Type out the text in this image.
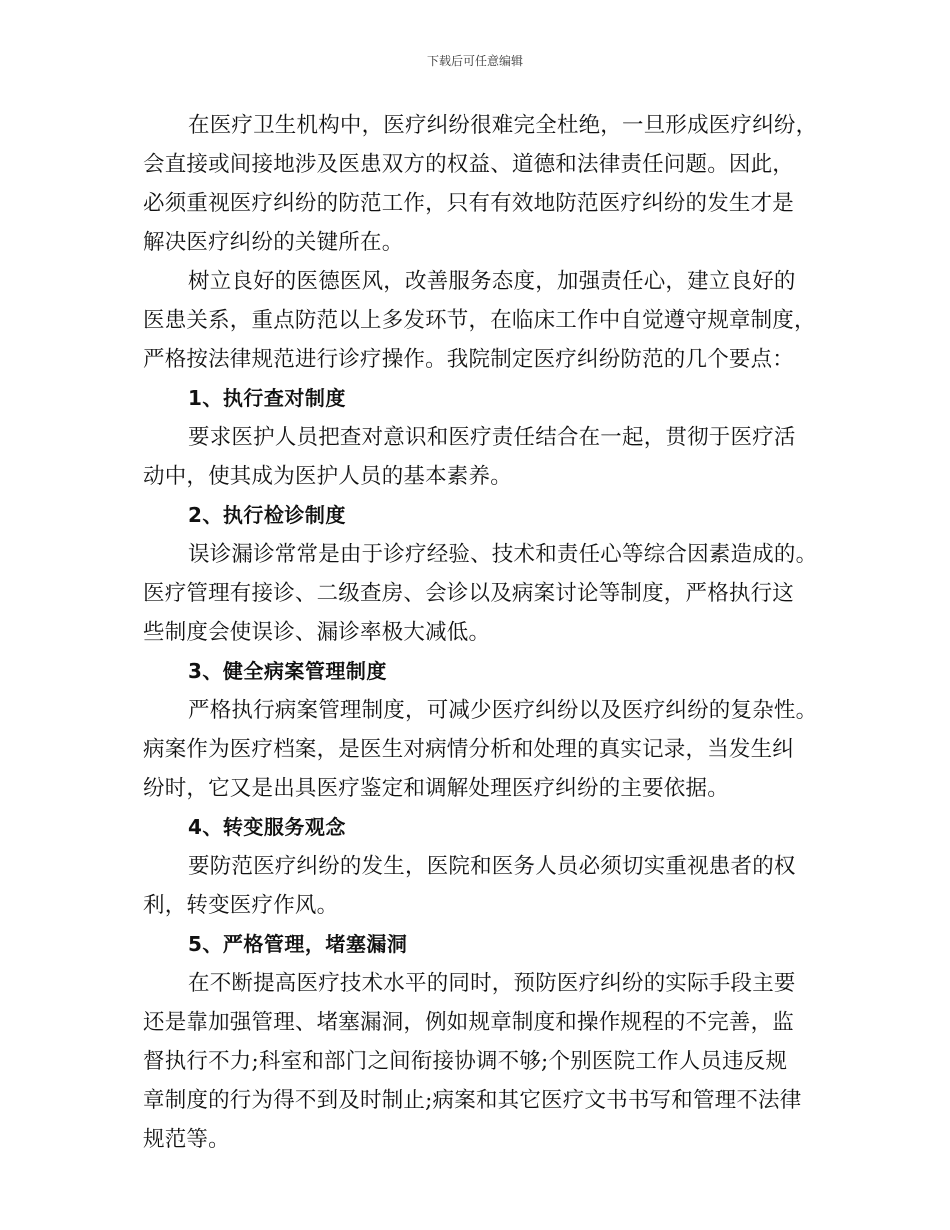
下载后可任意编辑
在医疗卫生机构中，医疗纠纷很难完全杜绝，一旦形成医疗纠纷，
会直接或间接地涉及医患双方的权益、道德和法律责任问题。因此，
必须重视医疗纠纷的防范工作，只有有效地防范医疗纠纷的发生才是
解决医疗纠纷的关键所在。
树立良好的医德医风，改善服务态度，加强责任心，建立良好的
医患关系，重点防范以上多发环节，在临床工作中自觉遵守规章制度，
严格按法律规范进行诊疗操作。我院制定医疗纠纷防范的几个要点：
1、执行查对制度
要求医护人员把查对意识和医疗责任结合在一起，贯彻于医疗活
动中，使其成为医护人员的基本素养。
2、执行检诊制度
误诊漏诊常常是由于诊疗经验、技术和责任心等综合因素造成的。
医疗管理有接诊、二级查房、会诊以及病案讨论等制度，严格执行这
些制度会使误诊、漏诊率极大减低。
3、健全病案管理制度
严格执行病案管理制度，可减少医疗纠纷以及医疗纠纷的复杂性。
病案作为医疗档案，是医生对病情分析和处理的真实记录，当发生纠
纷时，它又是出具医疗鉴定和调解处理医疗纠纷的主要依据。
4、转变服务观念
要防范医疗纠纷的发生，医院和医务人员必须切实重视患者的权
利，转变医疗作风。
5、严格管理，堵塞漏洞
在不断提高医疗技术水平的同时，预防医疗纠纷的实际手段主要
还是靠加强管理、堵塞漏洞，例如规章制度和操作规程的不完善，监
督执行不力;科室和部门之间衔接协调不够;个别医院工作人员违反规
章制度的行为得不到及时制止;病案和其它医疗文书书写和管理不法律
规范等。
